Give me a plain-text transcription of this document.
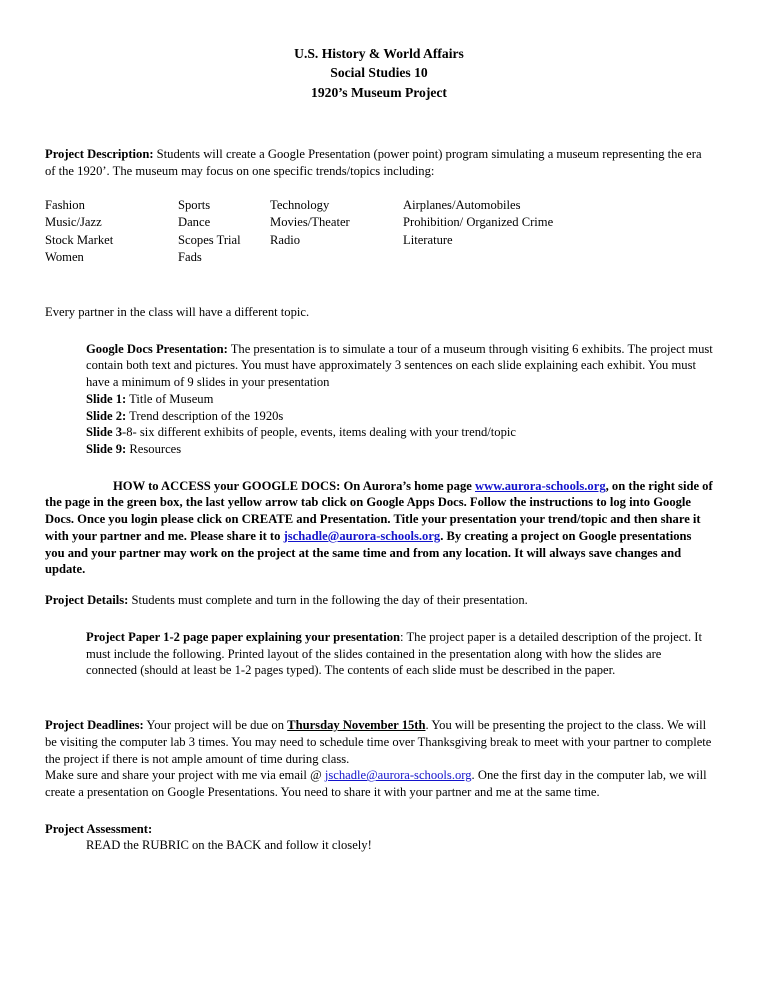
U.S. History & World Affairs
Social Studies 10
1920’s Museum Project

Project Description: Students will create a Google Presentation (power point) program simulating a museum representing the era of the 1920’. The museum may focus on one specific trends/topics including:

Fashion	Sports	Technology	Airplanes/Automobiles
Music/Jazz	Dance	Movies/Theater	Prohibition/ Organized Crime
Stock Market	Scopes Trial	Radio	Literature
Women	Fads

Every partner in the class will have a different topic.

Google Docs Presentation: The presentation is to simulate a tour of a museum through visiting 6 exhibits. The project must contain both text and pictures. You must have approximately 3 sentences on each slide explaining each exhibit. You must have a minimum of 9 slides in your presentation

Slide 1: Title of Museum
Slide 2: Trend description of the 1920s
Slide 3-8- six different exhibits of people, events, items dealing with your trend/topic
Slide 9: Resources

HOW to ACCESS your GOOGLE DOCS: On Aurora’s home page www.aurora-schools.org, on the right side of the page in the green box, the last yellow arrow tab click on Google Apps Docs. Follow the instructions to log into Google Docs. Once you login please click on CREATE and Presentation. Title your presentation your trend/topic and then share it with your partner and me. Please share it to jschadle@aurora-schools.org. By creating a project on Google presentations you and your partner may work on the project at the same time and from any location. It will always save changes and update.

Project Details: Students must complete and turn in the following the day of their presentation.

Project Paper 1-2 page paper explaining your presentation: The project paper is a detailed description of the project. It must include the following. Printed layout of the slides contained in the presentation along with how the slides are connected (should at least be 1-2 pages typed). The contents of each slide must be described in the paper.

Project Deadlines: Your project will be due on Thursday November 15th. You will be presenting the project to the class. We will be visiting the computer lab 3 times. You may need to schedule time over Thanksgiving break to meet with your partner to complete the project if there is not ample amount of time during class.

Make sure and share your project with me via email @ jschadle@aurora-schools.org. One the first day in the computer lab, we will create a presentation on Google Presentations. You need to share it with your partner and me at the same time.

Project Assessment:

READ the RUBRIC on the BACK and follow it closely!
